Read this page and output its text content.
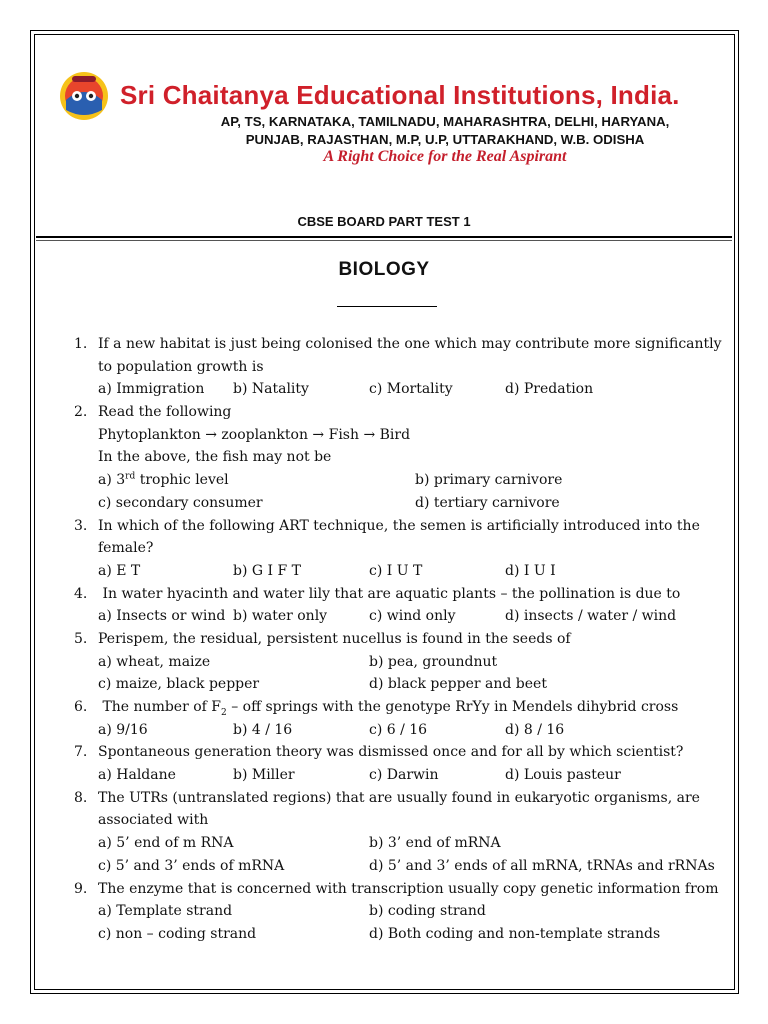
Sri Chaitanya Educational Institutions, India.
AP, TS, KARNATAKA, TAMILNADU, MAHARASHTRA, DELHI, HARYANA,
PUNJAB, RAJASTHAN, M.P, U.P, UTTARAKHAND, W.B. ODISHA
A Right Choice for the Real Aspirant
CBSE BOARD PART TEST 1
BIOLOGY
1. If a new habitat is just being colonised the one which may contribute more significantly
to population growth is
a) Immigration b) Natality	c) Mortality	d) Predation
2. Read the following
Phytoplankton → zooplankton → Fish → Bird
In the above, the fish may not be
a) 3rd trophic level	b) primary carnivore
c) secondary consumer	d) tertiary carnivore
3. In which of the following ART technique, the semen is artificially introduced into the
female?
a) E T	b) G I F T	c) I U T	d) I U I
4. In water hyacinth and water lily that are aquatic plants – the pollination is due to
a) Insects or wind b) water only	c) wind only	d) insects / water / wind
5. Perispem, the residual, persistent nucellus is found in the seeds of
a) wheat, maize	b) pea, groundnut
c) maize, black pepper	d) black pepper and beet
6. The number of $F_2$ – off springs with the genotype RrYy in Mendels dihybrid cross
a) 9/16	b) 4 / 16	c) 6 / 16	d) 8 / 16
7. Spontaneous generation theory was dismissed once and for all by which scientist?
a) Haldane	b) Miller	c) Darwin	d) Louis pasteur
8. The UTRs (untranslated regions) that are usually found in eukaryotic organisms, are
associated with
a) 5’ end of m RNA	b) 3’ end of mRNA
c) 5’ and 3’ ends of mRNA	d) 5’ and 3’ ends of all mRNA, tRNAs and rRNAs
9. The enzyme that is concerned with transcription usually copy genetic information from
a) Template strand	b) coding strand
c) non – coding strand	d) Both coding and non-template strands
